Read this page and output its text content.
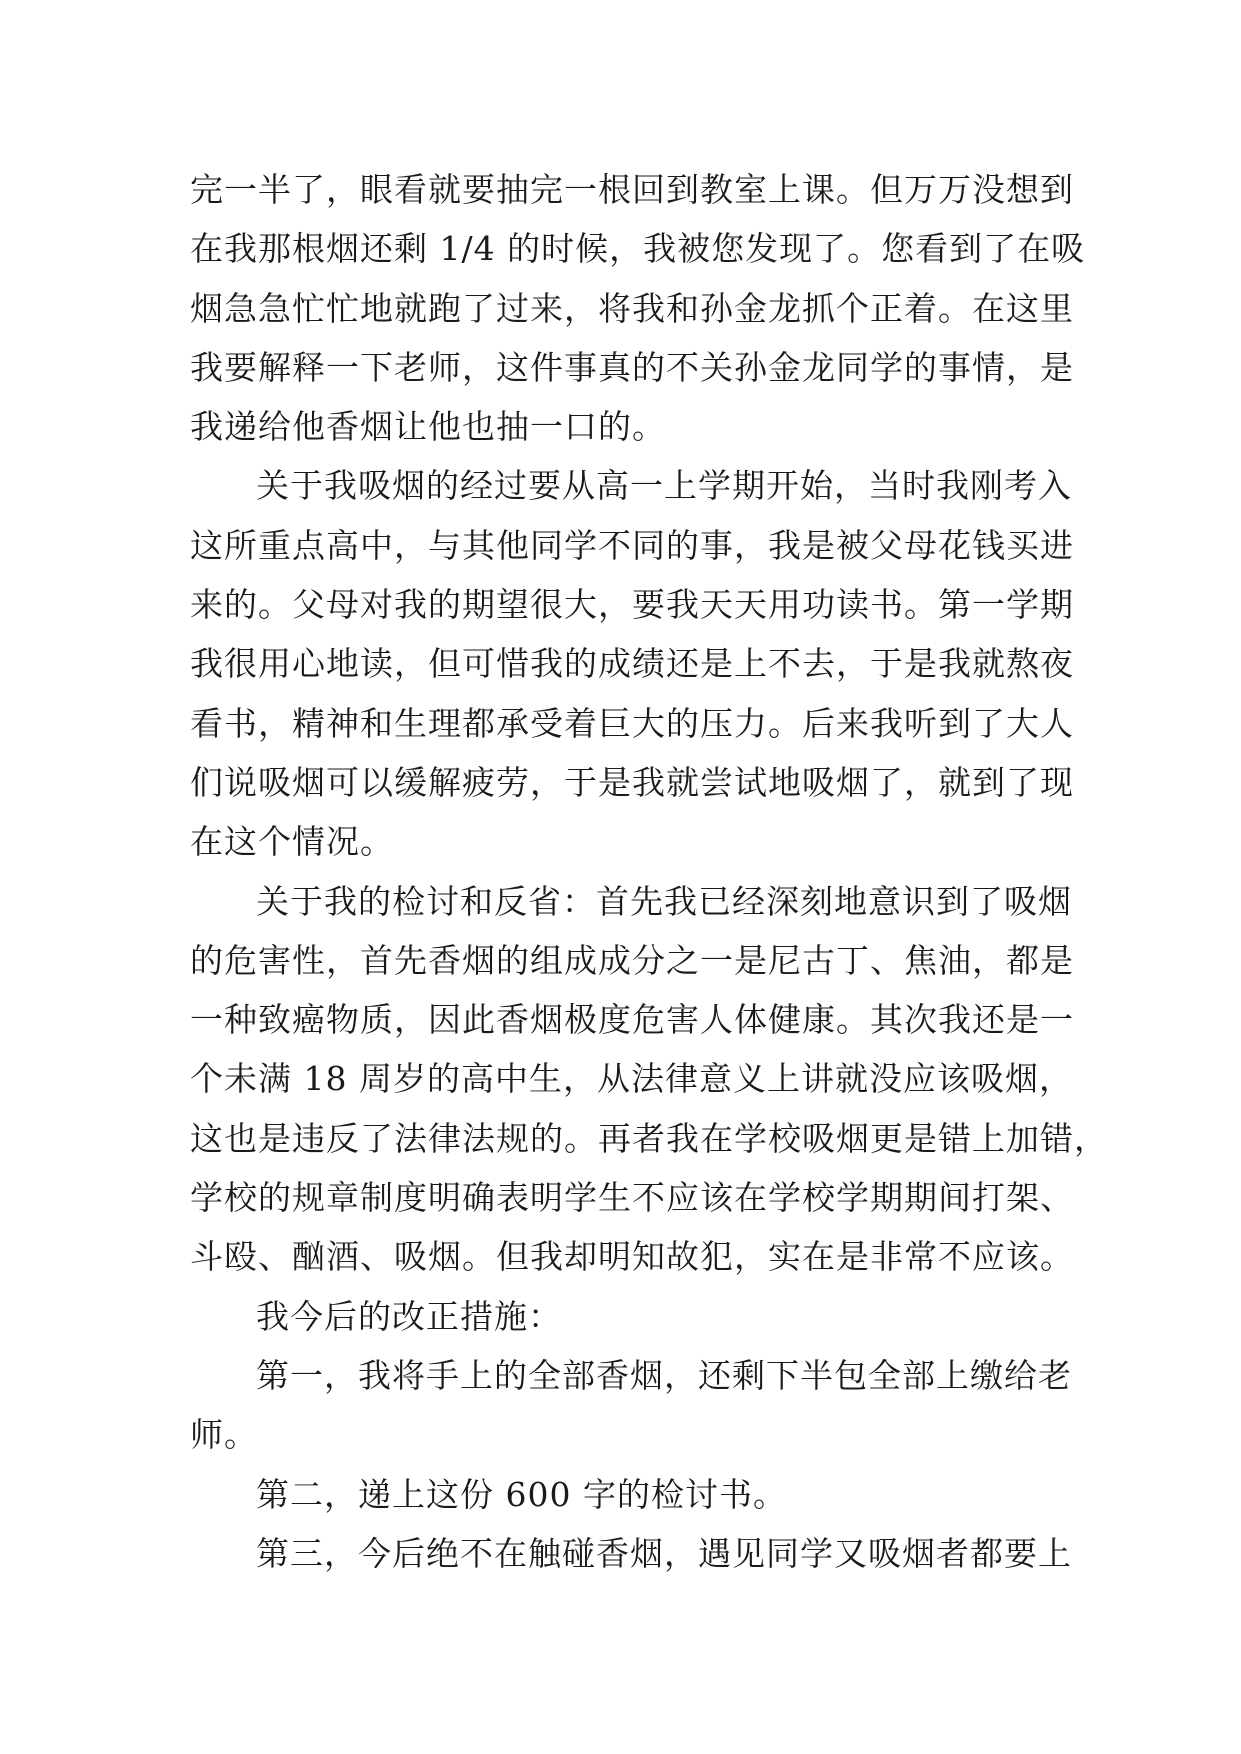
完一半了，眼看就要抽完一根回到教室上课。但万万没想到
在我那根烟还剩 1/4 的时候，我被您发现了。您看到了在吸
烟急急忙忙地就跑了过来，将我和孙金龙抓个正着。在这里
我要解释一下老师，这件事真的不关孙金龙同学的事情，是
我递给他香烟让他也抽一口的。
关于我吸烟的经过要从高一上学期开始，当时我刚考入
这所重点高中，与其他同学不同的事，我是被父母花钱买进
来的。父母对我的期望很大，要我天天用功读书。第一学期
我很用心地读，但可惜我的成绩还是上不去，于是我就熬夜
看书，精神和生理都承受着巨大的压力。后来我听到了大人
们说吸烟可以缓解疲劳，于是我就尝试地吸烟了，就到了现
在这个情况。
关于我的检讨和反省：首先我已经深刻地意识到了吸烟
的危害性，首先香烟的组成成分之一是尼古丁、焦油，都是
一种致癌物质，因此香烟极度危害人体健康。其次我还是一
个未满 18 周岁的高中生，从法律意义上讲就没应该吸烟，
这也是违反了法律法规的。再者我在学校吸烟更是错上加错，
学校的规章制度明确表明学生不应该在学校学期期间打架、
斗殴、酗酒、吸烟。但我却明知故犯，实在是非常不应该。
我今后的改正措施：
第一，我将手上的全部香烟，还剩下半包全部上缴给老
师。
第二，递上这份 600 字的检讨书。
第三，今后绝不在触碰香烟，遇见同学又吸烟者都要上
